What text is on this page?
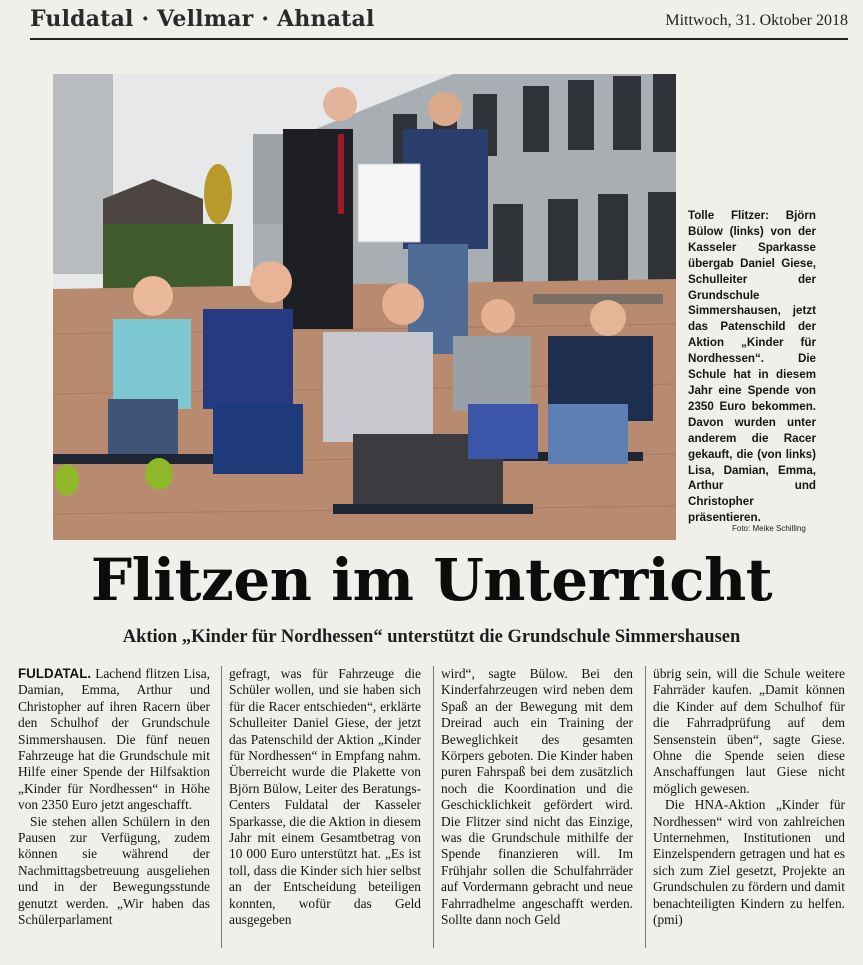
Fuldatal · Vellmar · Ahnatal	Mittwoch, 31. Oktober 2018
Tolle Flitzer: Björn Bülow (links) von der Kasseler Sparkasse übergab Daniel Giese, Schulleiter der Grundschule Simmershausen, jetzt das Patenschild der Aktion „Kinder für Nordhessen“. Die Schule hat in diesem Jahr eine Spende von 2350 Euro bekommen. Davon wurden unter anderem die Racer gekauft, die (von links) Lisa, Damian, Emma, Arthur und Christopher präsentieren.
Foto: Meike Schilling
Flitzen im Unterricht
Aktion „Kinder für Nordhessen“ unterstützt die Grundschule Simmershausen

FULDATAL. Lachend flitzen Lisa, Damian, Emma, Arthur und Christopher auf ihren Racern über den Schulhof der Grundschule Simmershausen. Die fünf neuen Fahrzeuge hat die Grundschule mit Hilfe einer Spende der Hilfsaktion „Kinder für Nordhessen“ in Höhe von 2350 Euro jetzt angeschafft.

Sie stehen allen Schülern in den Pausen zur Verfügung, zudem können sie während der Nachmittagsbetreuung ausgeliehen und in der Bewegungsstunde genutzt werden. „Wir haben das Schülerparlament

gefragt, was für Fahrzeuge die Schüler wollen, und sie haben sich für die Racer entschieden“, erklärte Schulleiter Daniel Giese, der jetzt das Patenschild der Aktion „Kinder für Nordhessen“ in Empfang nahm. Überreicht wurde die Plakette von Björn Bülow, Leiter des Beratungs-Centers Fuldatal der Kasseler Sparkasse, die die Aktion in diesem Jahr mit einem Gesamtbetrag von 10 000 Euro unterstützt hat. „Es ist toll, dass die Kinder sich hier selbst an der Entscheidung beteiligen konnten, wofür das Geld ausgegeben

wird“, sagte Bülow. Bei den Kinderfahrzeugen wird neben dem Spaß an der Bewegung mit dem Dreirad auch ein Training der Beweglichkeit des gesamten Körpers geboten. Die Kinder haben puren Fahrspaß bei dem zusätzlich noch die Koordination und die Geschicklichkeit gefördert wird. Die Flitzer sind nicht das Einzige, was die Grundschule mithilfe der Spende finanzieren will. Im Frühjahr sollen die Schulfahrräder auf Vordermann gebracht und neue Fahrradhelme angeschafft werden. Sollte dann noch Geld

übrig sein, will die Schule weitere Fahrräder kaufen. „Damit können die Kinder auf dem Schulhof für die Fahrradprüfung auf dem Sensenstein üben“, sagte Giese. Ohne die Spende seien diese Anschaffungen laut Giese nicht möglich gewesen.

Die HNA-Aktion „Kinder für Nordhessen“ wird von zahlreichen Unternehmen, Institutionen und Einzelspendern getragen und hat es sich zum Ziel gesetzt, Projekte an Grundschulen zu fördern und damit benachteiligten Kindern zu helfen. (pmi)
